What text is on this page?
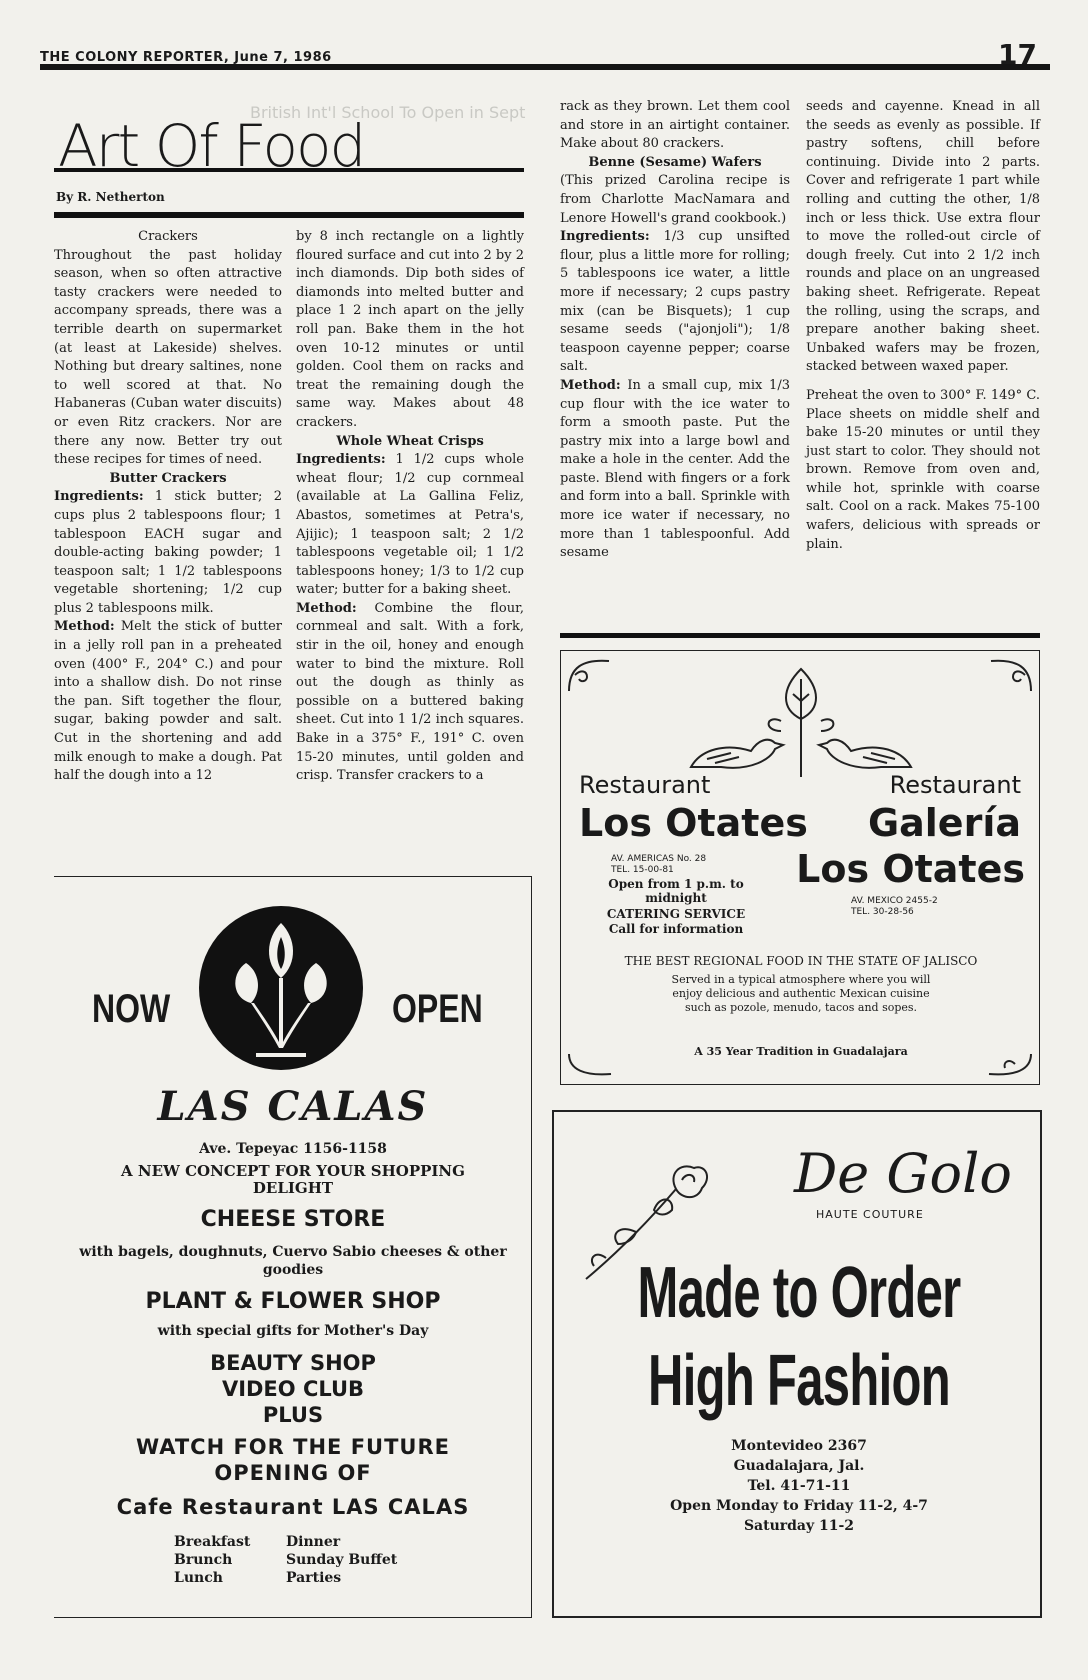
THE COLONY REPORTER, June 7, 1986	17
British Int'l School To Open in Sept
Art Of Food
By R. Netherton
Crackers

Throughout the past holiday season, when so often attractive tasty crackers were needed to accompany spreads, there was a terrible dearth on supermarket (at least at Lakeside) shelves. Nothing but dreary saltines, none to well scored at that. No Habaneras (Cuban water discuits) or even Ritz crackers. Nor are there any now. Better try out these recipes for times of need.

Butter Crackers

Ingredients: 1 stick butter; 2 cups plus 2 tablespoons flour; 1 tablespoon EACH sugar and double-acting baking powder; 1 teaspoon salt; 1 1/2 tablespoons vegetable shortening; 1/2 cup plus 2 tablespoons milk.

Method: Melt the stick of butter in a jelly roll pan in a preheated oven (400° F., 204° C.) and pour into a shallow dish. Do not rinse the pan. Sift together the flour, sugar, baking powder and salt. Cut in the shortening and add milk enough to make a dough. Pat half the dough into a 12

by 8 inch rectangle on a lightly floured surface and cut into 2 by 2 inch diamonds. Dip both sides of diamonds into melted butter and place 1 2 inch apart on the jelly roll pan. Bake them in the hot oven 10-12 minutes or until golden. Cool them on racks and treat the remaining dough the same way. Makes about 48 crackers.

Whole Wheat Crisps

Ingredients: 1 1/2 cups whole wheat flour; 1/2 cup cornmeal (available at La Gallina Feliz, Abastos, sometimes at Petra's, Ajijic); 1 teaspoon salt; 2 1/2 tablespoons vegetable oil; 1 1/2 tablespoons honey; 1/3 to 1/2 cup water; butter for a baking sheet.

Method: Combine the flour, cornmeal and salt. With a fork, stir in the oil, honey and enough water to bind the mixture. Roll out the dough as thinly as possible on a buttered baking sheet. Cut into 1 1/2 inch squares. Bake in a 375° F., 191° C. oven 15-20 minutes, until golden and crisp. Transfer crackers to a

rack as they brown. Let them cool and store in an airtight container. Make about 80 crackers.

Benne (Sesame) Wafers

(This prized Carolina recipe is from Charlotte MacNamara and Lenore Howell's grand cookbook.)

Ingredients: 1/3 cup unsifted flour, plus a little more for rolling; 5 tablespoons ice water, a little more if necessary; 2 cups pastry mix (can be Bisquets); 1 cup sesame seeds ("ajonjoli"); 1/8 teaspoon cayenne pepper; coarse salt.

Method: In a small cup, mix 1/3 cup flour with the ice water to form a smooth paste. Put the pastry mix into a large bowl and make a hole in the center. Add the paste. Blend with fingers or a fork and form into a ball. Sprinkle with more ice water if necessary, no more than 1 tablespoonful. Add sesame

seeds and cayenne. Knead in all the seeds as evenly as possible. If pastry softens, chill before continuing. Divide into 2 parts. Cover and refrigerate 1 part while rolling and cutting the other, 1/8 inch or less thick. Use extra flour to move the rolled-out circle of dough freely. Cut into 2 1/2 inch rounds and place on an ungreased baking sheet. Refrigerate. Repeat the rolling, using the scraps, and prepare another baking sheet. Unbaked wafers may be frozen, stacked between waxed paper.

Preheat the oven to 300° F. 149° C. Place sheets on middle shelf and bake 15-20 minutes or until they just start to color. They should not brown. Remove from oven and, while hot, sprinkle with coarse salt. Cool on a rack. Makes 75-100 wafers, delicious with spreads or plain.

Restaurant
Los Otates
AV. AMERICAS No. 28
TEL. 15-00-81
Open from 1 p.m. to midnight
CATERING SERVICE
Call for information
Restaurant
Galería
Los Otates
AV. MEXICO 2455-2
TEL. 30-28-56
THE BEST REGIONAL FOOD IN THE STATE OF JALISCO
Served in a typical atmosphere where you will enjoy delicious and authentic Mexican cuisine such as pozole, menudo, tacos and sopes.
A 35 Year Tradition in Guadalajara
NOW	OPEN
LAS CALAS
Ave. Tepeyac 1156-1158
A NEW CONCEPT FOR YOUR SHOPPING DELIGHT
CHEESE STORE
with bagels, doughnuts, Cuervo Sabio cheeses & other goodies
PLANT & FLOWER SHOP
with special gifts for Mother's Day
BEAUTY SHOP
VIDEO CLUB
PLUS
WATCH FOR THE FUTURE
OPENING OF
Cafe Restaurant LAS CALAS
Breakfast
Brunch
Lunch
Dinner
Sunday Buffet
Parties
De Golo
HAUTE COUTURE
Made to Order
High Fashion
Montevideo 2367
Guadalajara, Jal.
Tel. 41-71-11
Open Monday to Friday 11-2, 4-7
Saturday 11-2
